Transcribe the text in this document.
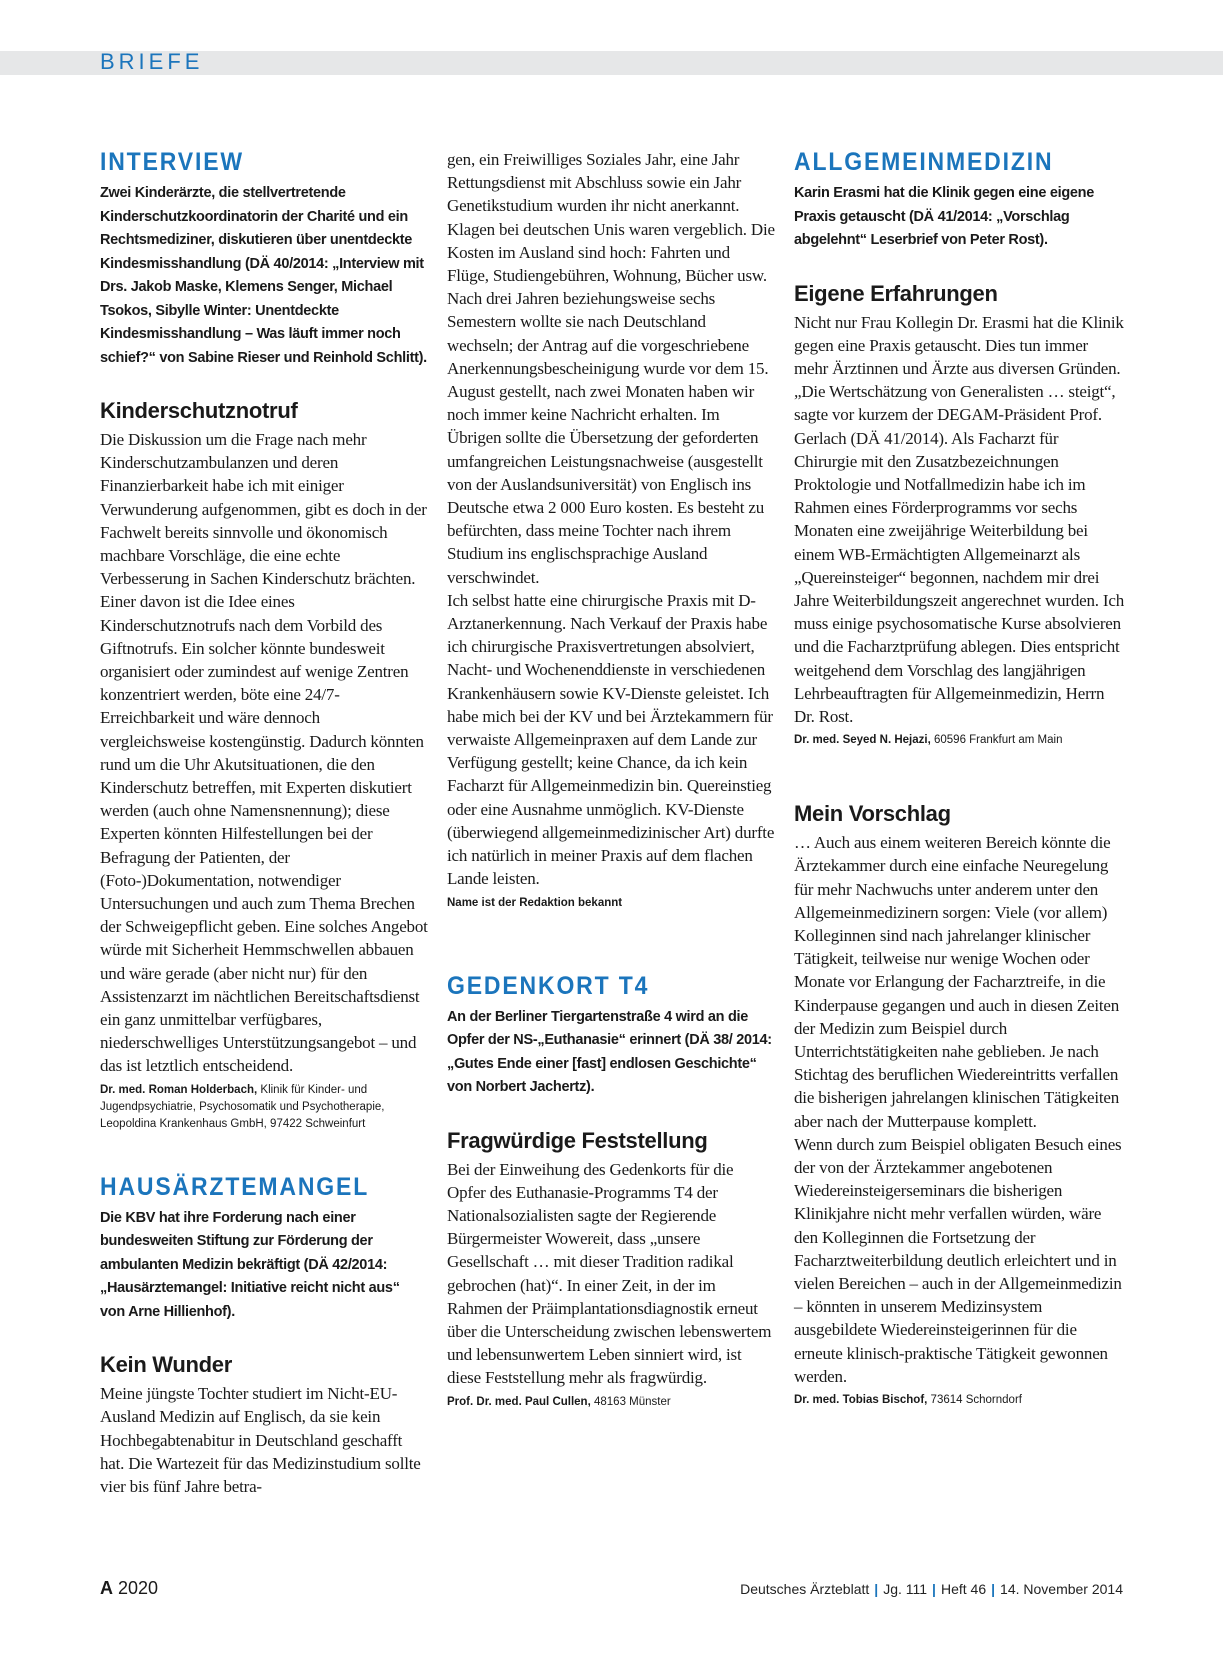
BRIEFE
INTERVIEW

Zwei Kinderärzte, die stellvertretende Kinderschutzkoordinatorin der Charité und ein Rechtsmediziner, diskutieren über unentdeckte Kindesmisshandlung (DÄ 40/2014: „Interview mit Drs. Jakob Maske, Klemens Senger, Michael Tsokos, Sibylle Winter: Unentdeckte Kindesmisshandlung – Was läuft immer noch schief?“ von Sabine Rieser und Reinhold Schlitt).

Kinderschutznotruf

Die Diskussion um die Frage nach mehr Kinderschutzambulanzen und deren Finanzierbarkeit habe ich mit einiger Verwunderung aufgenommen, gibt es doch in der Fachwelt bereits sinnvolle und ökonomisch machbare Vorschläge, die eine echte Verbesserung in Sachen Kinderschutz brächten. Einer davon ist die Idee eines Kinderschutznotrufs nach dem Vorbild des Giftnotrufs. Ein solcher könnte bundesweit organisiert oder zumindest auf wenige Zentren konzentriert werden, böte eine 24/7-Erreichbarkeit und wäre dennoch vergleichsweise kostengünstig. Dadurch könnten rund um die Uhr Akutsituationen, die den Kinderschutz betreffen, mit Experten diskutiert werden (auch ohne Namensnennung); diese Experten könnten Hilfestellungen bei der Befragung der Patienten, der (Foto-)Dokumentation, notwendiger Untersuchungen und auch zum Thema Brechen der Schweigepflicht geben. Eine solches Angebot würde mit Sicherheit Hemmschwellen abbauen und wäre gerade (aber nicht nur) für den Assistenzarzt im nächtlichen Bereitschaftsdienst ein ganz unmittelbar verfügbares, niederschwelliges Unterstützungsangebot – und das ist letztlich entscheidend.

Dr. med. Roman Holderbach, Klinik für Kinder- und Jugendpsychiatrie, Psychosomatik und Psychotherapie, Leopoldina Krankenhaus GmbH, 97422 Schweinfurt

HAUSÄRZTEMANGEL

Die KBV hat ihre Forderung nach einer bundesweiten Stiftung zur Förderung der ambulanten Medizin bekräftigt (DÄ 42/2014: „Hausärztemangel: Initiative reicht nicht aus“ von Arne Hillienhof).

Kein Wunder

Meine jüngste Tochter studiert im Nicht-EU-Ausland Medizin auf Englisch, da sie kein Hochbegabtenabitur in Deutschland geschafft hat. Die Wartezeit für das Medizinstudium sollte vier bis fünf Jahre betra-

gen, ein Freiwilliges Soziales Jahr, eine Jahr Rettungsdienst mit Abschluss sowie ein Jahr Genetikstudium wurden ihr nicht anerkannt. Klagen bei deutschen Unis waren vergeblich. Die Kosten im Ausland sind hoch: Fahrten und Flüge, Studiengebühren, Wohnung, Bücher usw. Nach drei Jahren beziehungsweise sechs Semestern wollte sie nach Deutschland wechseln; der Antrag auf die vorgeschriebene Anerkennungsbescheinigung wurde vor dem 15. August gestellt, nach zwei Monaten haben wir noch immer keine Nachricht erhalten. Im Übrigen sollte die Übersetzung der geforderten umfangreichen Leistungsnachweise (ausgestellt von der Auslandsuniversität) von Englisch ins Deutsche etwa 2 000 Euro kosten. Es besteht zu befürchten, dass meine Tochter nach ihrem Studium ins englischsprachige Ausland verschwindet.

Ich selbst hatte eine chirurgische Praxis mit D-Arztanerkennung. Nach Verkauf der Praxis habe ich chirurgische Praxisvertretungen absolviert, Nacht- und Wochenenddienste in verschiedenen Krankenhäusern sowie KV-Dienste geleistet. Ich habe mich bei der KV und bei Ärztekammern für verwaiste Allgemeinpraxen auf dem Lande zur Verfügung gestellt; keine Chance, da ich kein Facharzt für Allgemeinmedizin bin. Quereinstieg oder eine Ausnahme unmöglich. KV-Dienste (überwiegend allgemeinmedizinischer Art) durfte ich natürlich in meiner Praxis auf dem flachen Lande leisten.

Name ist der Redaktion bekannt

GEDENKORT T4

An der Berliner Tiergartenstraße 4 wird an die Opfer der NS-„Euthanasie“ erinnert (DÄ 38/ 2014: „Gutes Ende einer [fast] endlosen Geschichte“ von Norbert Jachertz).

Fragwürdige Feststellung

Bei der Einweihung des Gedenkorts für die Opfer des Euthanasie-Programms T4 der Nationalsozialisten sagte der Regierende Bürgermeister Wowereit, dass „unsere Gesellschaft … mit dieser Tradition radikal gebrochen (hat)“. In einer Zeit, in der im Rahmen der Präimplantationsdiagnostik erneut über die Unterscheidung zwischen lebenswertem und lebensunwertem Leben sinniert wird, ist diese Feststellung mehr als fragwürdig.

Prof. Dr. med. Paul Cullen, 48163 Münster

ALLGEMEINMEDIZIN

Karin Erasmi hat die Klinik gegen eine eigene Praxis getauscht (DÄ 41/2014: „Vorschlag abgelehnt“ Leserbrief von Peter Rost).

Eigene Erfahrungen

Nicht nur Frau Kollegin Dr. Erasmi hat die Klinik gegen eine Praxis getauscht. Dies tun immer mehr Ärztinnen und Ärzte aus diversen Gründen. „Die Wertschätzung von Generalisten … steigt“, sagte vor kurzem der DEGAM-Präsident Prof. Gerlach (DÄ 41/2014). Als Facharzt für Chirurgie mit den Zusatzbezeichnungen Proktologie und Notfallmedizin habe ich im Rahmen eines Förderprogramms vor sechs Monaten eine zweijährige Weiterbildung bei einem WB-Ermächtigten Allgemeinarzt als „Quereinsteiger“ begonnen, nachdem mir drei Jahre Weiterbildungszeit angerechnet wurden. Ich muss einige psychosomatische Kurse absolvieren und die Facharztprüfung ablegen. Dies entspricht weitgehend dem Vorschlag des langjährigen Lehrbeauftragten für Allgemeinmedizin, Herrn Dr. Rost.

Dr. med. Seyed N. Hejazi, 60596 Frankfurt am Main

Mein Vorschlag

… Auch aus einem weiteren Bereich könnte die Ärztekammer durch eine einfache Neuregelung für mehr Nachwuchs unter anderem unter den Allgemeinmedizinern sorgen: Viele (vor allem) Kolleginnen sind nach jahrelanger klinischer Tätigkeit, teilweise nur wenige Wochen oder Monate vor Erlangung der Facharztreife, in die Kinderpause gegangen und auch in diesen Zeiten der Medizin zum Beispiel durch Unterrichtstätigkeiten nahe geblieben. Je nach Stichtag des beruflichen Wiedereintritts verfallen die bisherigen jahrelangen klinischen Tätigkeiten aber nach der Mutterpause komplett.

Wenn durch zum Beispiel obligaten Besuch eines der von der Ärztekammer angebotenen Wiedereinsteigerseminars die bisherigen Klinikjahre nicht mehr verfallen würden, wäre den Kolleginnen die Fortsetzung der Facharztweiterbildung deutlich erleichtert und in vielen Bereichen – auch in der Allgemeinmedizin – könnten in unserem Medizinsystem ausgebildete Wiedereinsteigerinnen für die erneute klinisch-praktische Tätigkeit gewonnen werden.

Dr. med. Tobias Bischof, 73614 Schorndorf

A 2020	Deutsches Ärzteblatt | Jg. 111 | Heft 46 | 14. November 2014
